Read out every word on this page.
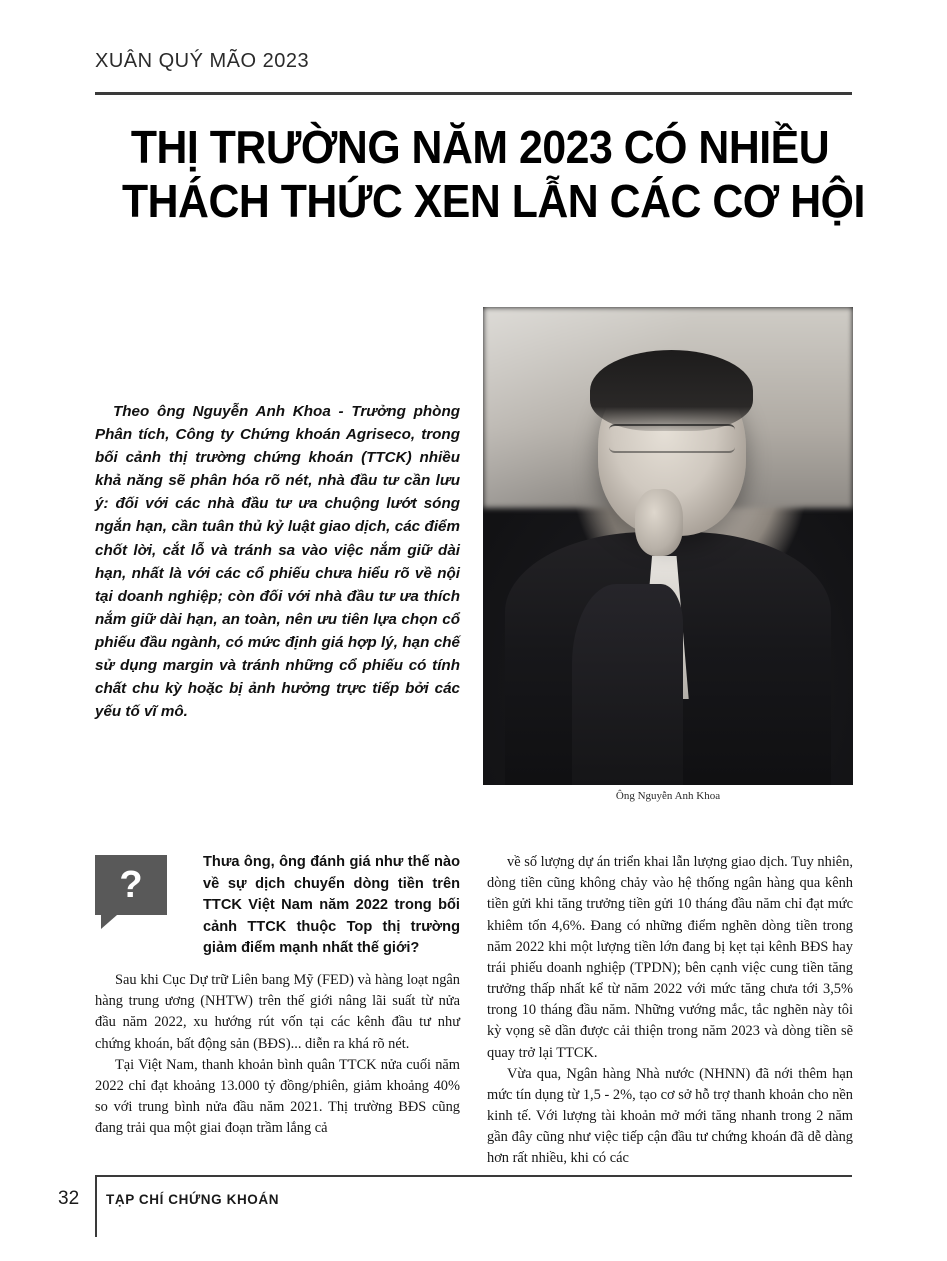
XUÂN QUÝ MÃO 2023
THỊ TRƯỜNG NĂM 2023 CÓ NHIỀU
THÁCH THỨC XEN LẪN CÁC CƠ HỘI
Ông Nguyễn Anh Khoa
Theo ông Nguyễn Anh Khoa - Trưởng phòng Phân tích, Công ty Chứng khoán Agriseco, trong bối cảnh thị trường chứng khoán (TTCK) nhiều khả năng sẽ phân hóa rõ nét, nhà đầu tư cần lưu ý: đối với các nhà đầu tư ưa chuộng lướt sóng ngắn hạn, cần tuân thủ kỷ luật giao dịch, các điểm chốt lời, cắt lỗ và tránh sa vào việc nắm giữ dài hạn, nhất là với các cổ phiếu chưa hiểu rõ về nội tại doanh nghiệp; còn đối với nhà đầu tư ưa thích nắm giữ dài hạn, an toàn, nên ưu tiên lựa chọn cổ phiếu đầu ngành, có mức định giá hợp lý, hạn chế sử dụng margin và tránh những cổ phiếu có tính chất chu kỳ hoặc bị ảnh hưởng trực tiếp bởi các yếu tố vĩ mô.
?
Thưa ông, ông đánh giá như thế nào về sự dịch chuyển dòng tiền trên TTCK Việt Nam năm 2022 trong bối cảnh TTCK thuộc Top thị trường giảm điểm mạnh nhất thế giới?

Sau khi Cục Dự trữ Liên bang Mỹ (FED) và hàng loạt ngân hàng trung ương (NHTW) trên thế giới nâng lãi suất từ nửa đầu năm 2022, xu hướng rút vốn tại các kênh đầu tư như chứng khoán, bất động sản (BĐS)... diễn ra khá rõ nét.

Tại Việt Nam, thanh khoản bình quân TTCK nửa cuối năm 2022 chỉ đạt khoảng 13.000 tỷ đồng/phiên, giảm khoảng 40% so với trung bình nửa đầu năm 2021. Thị trường BĐS cũng đang trải qua một giai đoạn trầm lắng cả

về số lượng dự án triển khai lẫn lượng giao dịch. Tuy nhiên, dòng tiền cũng không chảy vào hệ thống ngân hàng qua kênh tiền gửi khi tăng trưởng tiền gửi 10 tháng đầu năm chỉ đạt mức khiêm tốn 4,6%. Đang có những điểm nghẽn dòng tiền trong năm 2022 khi một lượng tiền lớn đang bị kẹt tại kênh BĐS hay trái phiếu doanh nghiệp (TPDN); bên cạnh việc cung tiền tăng trưởng thấp nhất kể từ năm 2022 với mức tăng chưa tới 3,5% trong 10 tháng đầu năm. Những vướng mắc, tắc nghẽn này tôi kỳ vọng sẽ dần được cải thiện trong năm 2023 và dòng tiền sẽ quay trở lại TTCK.

Vừa qua, Ngân hàng Nhà nước (NHNN) đã nới thêm hạn mức tín dụng từ 1,5 - 2%, tạo cơ sở hỗ trợ thanh khoản cho nền kinh tế. Với lượng tài khoản mở mới tăng nhanh trong 2 năm gần đây cũng như việc tiếp cận đầu tư chứng khoán đã dễ dàng hơn rất nhiều, khi có các

32 TẠP CHÍ CHỨNG KHOÁN
